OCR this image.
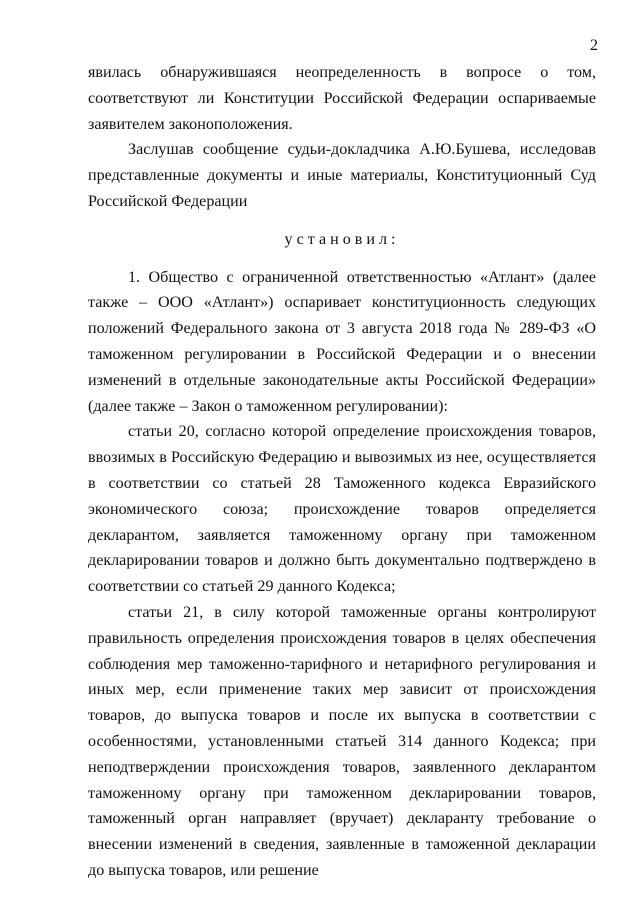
2

явилась обнаружившаяся неопределенность в вопросе о том, соответствуют ли Конституции Российской Федерации оспариваемые заявителем законоположения.

Заслушав сообщение судьи-докладчика А.Ю.Бушева, исследовав представленные документы и иные материалы, Конституционный Суд Российской Федерации

установил:

1. Общество с ограниченной ответственностью «Атлант» (далее также – ООО «Атлант») оспаривает конституционность следующих положений Федерального закона от 3 августа 2018 года № 289-ФЗ «О таможенном регулировании в Российской Федерации и о внесении изменений в отдельные законодательные акты Российской Федерации» (далее также – Закон о таможенном регулировании):

статьи 20, согласно которой определение происхождения товаров, ввозимых в Российскую Федерацию и вывозимых из нее, осуществляется в соответствии со статьей 28 Таможенного кодекса Евразийского экономического союза; происхождение товаров определяется декларантом, заявляется таможенному органу при таможенном декларировании товаров и должно быть документально подтверждено в соответствии со статьей 29 данного Кодекса;

статьи 21, в силу которой таможенные органы контролируют правильность определения происхождения товаров в целях обеспечения соблюдения мер таможенно-тарифного и нетарифного регулирования и иных мер, если применение таких мер зависит от происхождения товаров, до выпуска товаров и после их выпуска в соответствии с особенностями, установленными статьей 314 данного Кодекса; при неподтверждении происхождения товаров, заявленного декларантом таможенному органу при таможенном декларировании товаров, таможенный орган направляет (вручает) декларанту требование о внесении изменений в сведения, заявленные в таможенной декларации до выпуска товаров, или решение
